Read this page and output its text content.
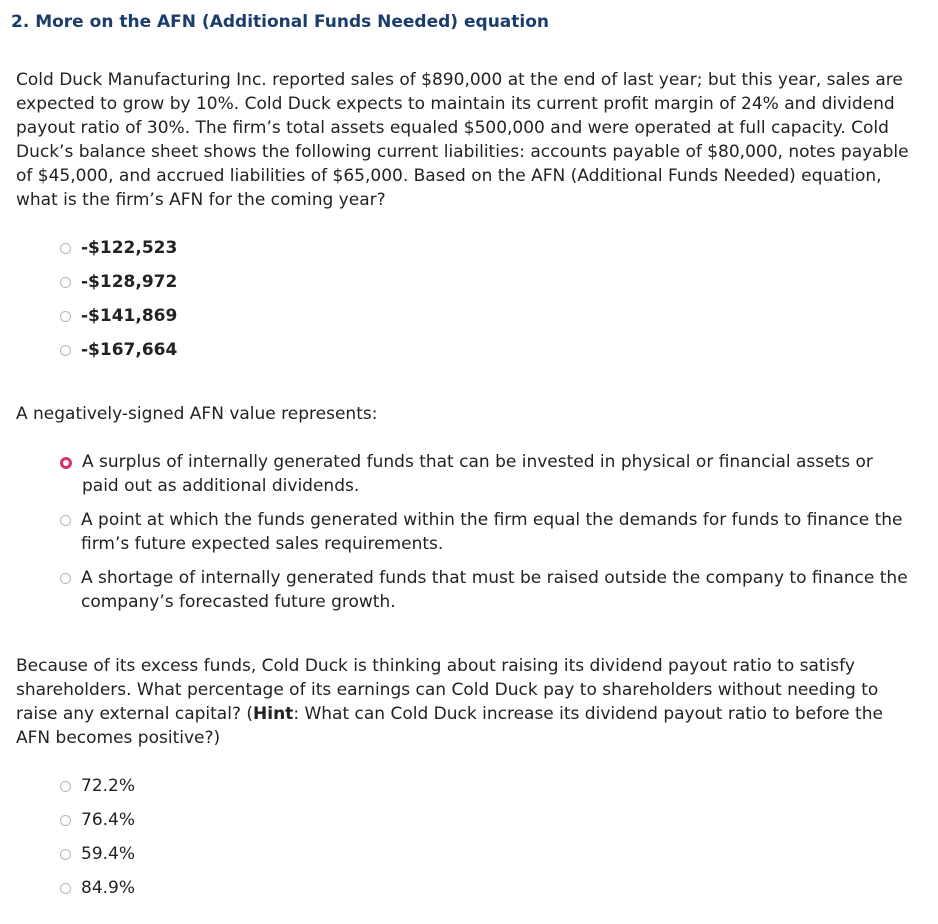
2. More on the AFN (Additional Funds Needed) equation

Cold Duck Manufacturing Inc. reported sales of $890,000 at the end of last year; but this year, sales are expected to grow by 10%. Cold Duck expects to maintain its current profit margin of 24% and dividend payout ratio of 30%. The firm’s total assets equaled $500,000 and were operated at full capacity. Cold Duck’s balance sheet shows the following current liabilities: accounts payable of $80,000, notes payable of $45,000, and accrued liabilities of $65,000. Based on the AFN (Additional Funds Needed) equation, what is the firm’s AFN for the coming year?

-$122,523
-$128,972
-$141,869
-$167,664

A negatively-signed AFN value represents:

A surplus of internally generated funds that can be invested in physical or financial assets or paid out as additional dividends.
A point at which the funds generated within the firm equal the demands for funds to finance the firm’s future expected sales requirements.
A shortage of internally generated funds that must be raised outside the company to finance the company’s forecasted future growth.

Because of its excess funds, Cold Duck is thinking about raising its dividend payout ratio to satisfy shareholders. What percentage of its earnings can Cold Duck pay to shareholders without needing to raise any external capital? (Hint: What can Cold Duck increase its dividend payout ratio to before the AFN becomes positive?)

72.2%
76.4%
59.4%
84.9%
